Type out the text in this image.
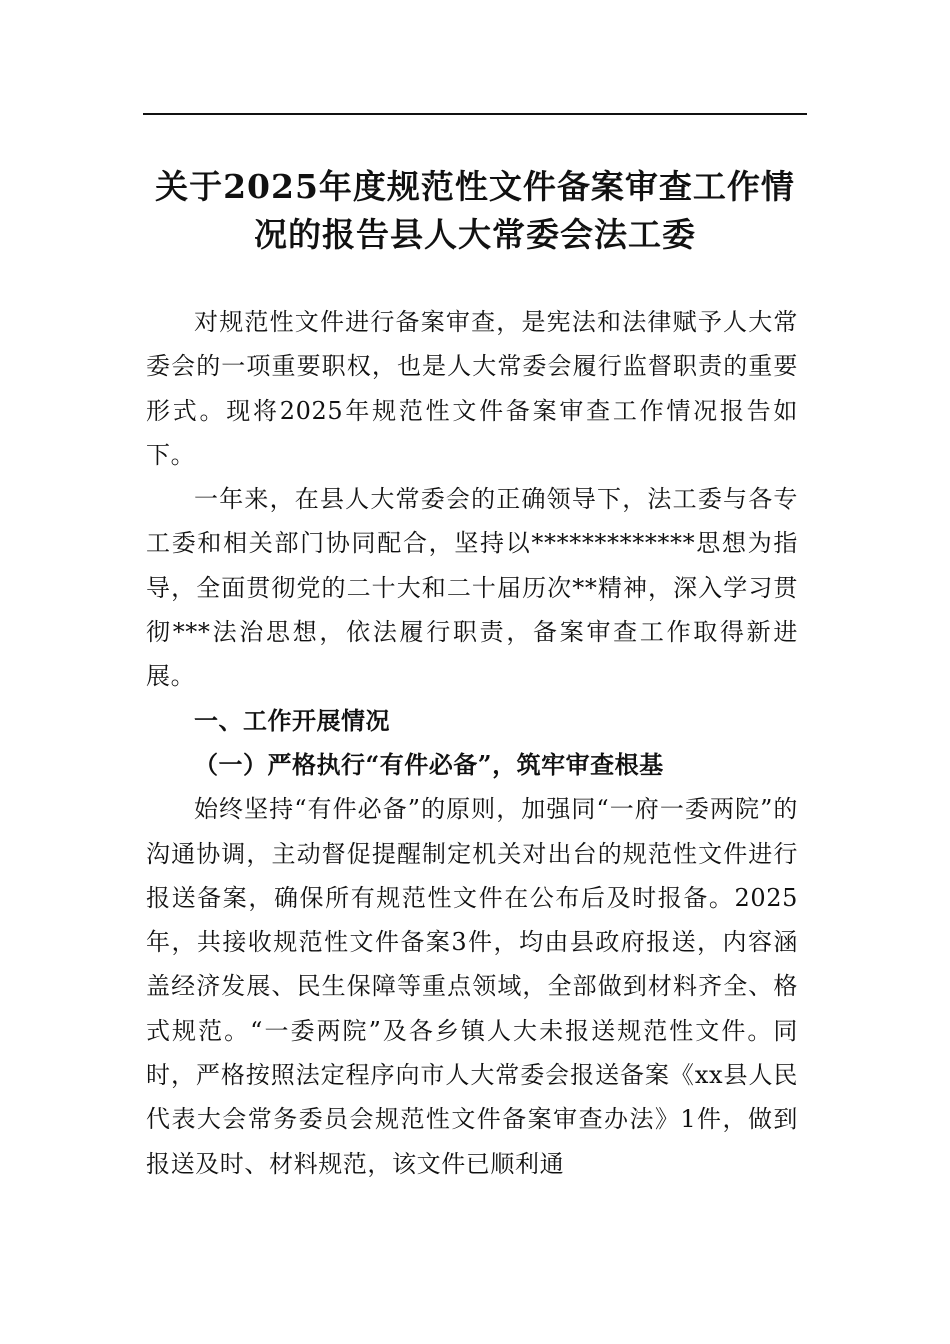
关于2025年度规范性文件备案审查工作情况的报告县人大常委会法工委

对规范性文件进行备案审查，是宪法和法律赋予人大常委会的一项重要职权，也是人大常委会履行监督职责的重要形式。现将2025年规范性文件备案审查工作情况报告如下。

一年来，在县人大常委会的正确领导下，法工委与各专工委和相关部门协同配合，坚持以*************思想为指导，全面贯彻党的二十大和二十届历次**精神，深入学习贯彻***法治思想，依法履行职责，备案审查工作取得新进展。

一、工作开展情况

（一）严格执行“有件必备”，筑牢审查根基

始终坚持“有件必备”的原则，加强同“一府一委两院”的沟通协调，主动督促提醒制定机关对出台的规范性文件进行报送备案，确保所有规范性文件在公布后及时报备。2025年，共接收规范性文件备案3件，均由县政府报送，内容涵盖经济发展、民生保障等重点领域，全部做到材料齐全、格式规范。“一委两院”及各乡镇人大未报送规范性文件。同时，严格按照法定程序向市人大常委会报送备案《xx县人民代表大会常务委员会规范性文件备案审查办法》1件，做到报送及时、材料规范，该文件已顺利通
